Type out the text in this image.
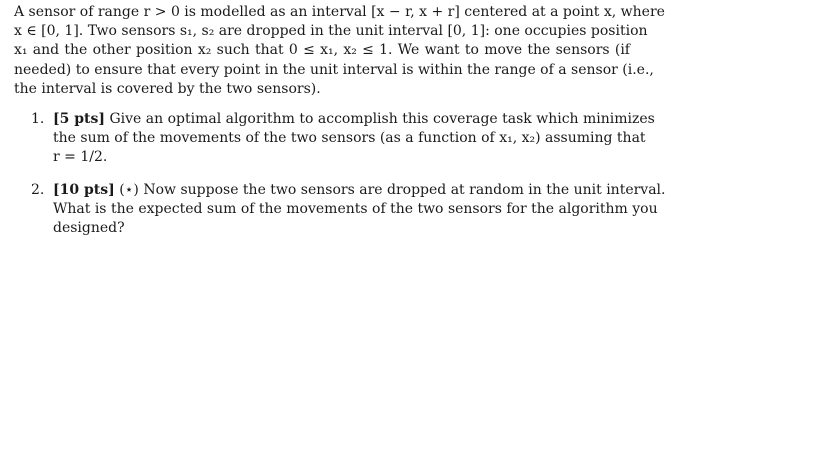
A sensor of range r > 0 is modelled as an interval [x − r, x + r] centered at a point x, where
x ∈ [0, 1]. Two sensors s₁, s₂ are dropped in the unit interval [0, 1]: one occupies position
x₁ and the other position x₂ such that 0 ≤ x₁, x₂ ≤ 1. We want to move the sensors (if
needed) to ensure that every point in the unit interval is within the range of a sensor (i.e.,
the interval is covered by the two sensors).
1. [5 pts] Give an optimal algorithm to accomplish this coverage task which minimizes
the sum of the movements of the two sensors (as a function of x₁, x₂) assuming that
r = 1/2.
2. [10 pts] (⋆) Now suppose the two sensors are dropped at random in the unit interval.
What is the expected sum of the movements of the two sensors for the algorithm you
designed?
